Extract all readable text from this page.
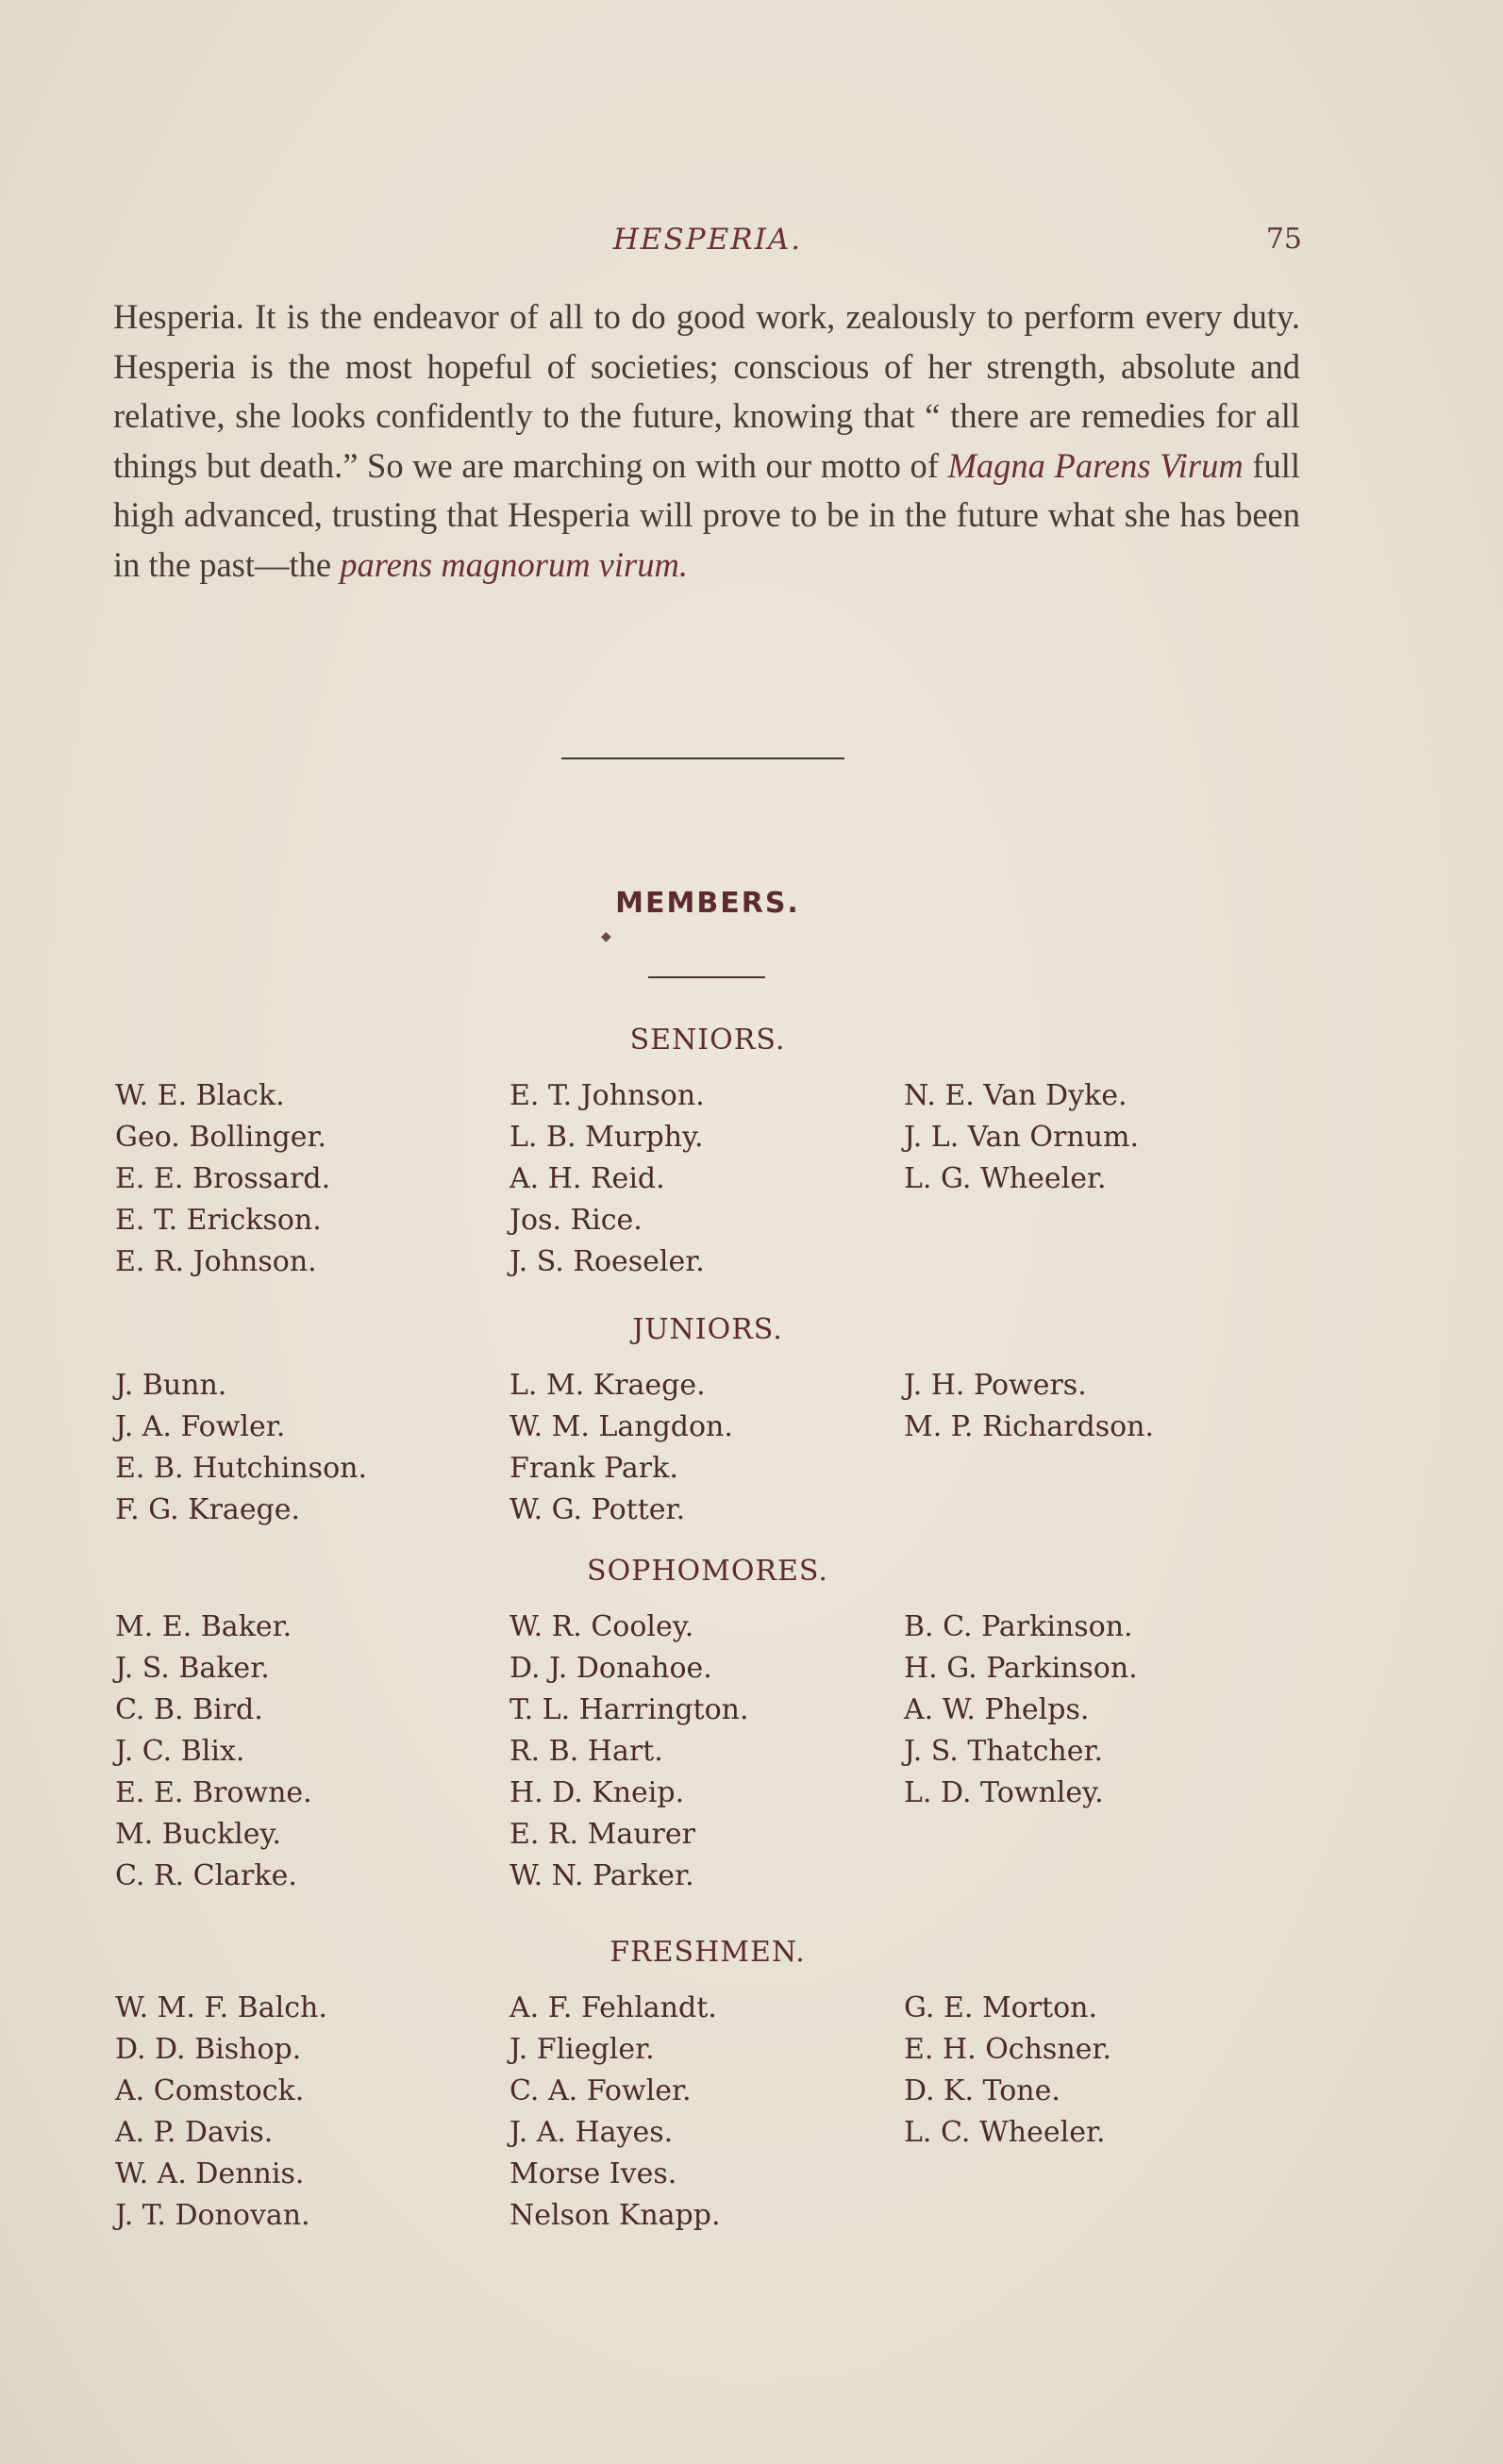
HESPERIA.	75
Hesperia. It is the endeavor of all to do good work, zealously to perform every duty. Hesperia is the most hopeful of societies; conscious of her strength, absolute and relative, she looks confidently to the future, knowing that “ there are remedies for all things but death.” So we are marching on with our motto of Magna Parens Virum full high advanced, trusting that Hesperia will prove to be in the future what she has been in the past—the parens magnorum virum.
MEMBERS.
◆
SENIORS.
W. E. Black.
Geo. Bollinger.
E. E. Brossard.
E. T. Erickson.
E. R. Johnson.
E. T. Johnson.
L. B. Murphy.
A. H. Reid.
Jos. Rice.
J. S. Roeseler.
N. E. Van Dyke.
J. L. Van Ornum.
L. G. Wheeler.
JUNIORS.
J. Bunn.
J. A. Fowler.
E. B. Hutchinson.
F. G. Kraege.
L. M. Kraege.
W. M. Langdon.
Frank Park.
W. G. Potter.
J. H. Powers.
M. P. Richardson.
SOPHOMORES.
M. E. Baker.
J. S. Baker.
C. B. Bird.
J. C. Blix.
E. E. Browne.
M. Buckley.
C. R. Clarke.
W. R. Cooley.
D. J. Donahoe.
T. L. Harrington.
R. B. Hart.
H. D. Kneip.
E. R. Maurer
W. N. Parker.
B. C. Parkinson.
H. G. Parkinson.
A. W. Phelps.
J. S. Thatcher.
L. D. Townley.
FRESHMEN.
W. M. F. Balch.
D. D. Bishop.
A. Comstock.
A. P. Davis.
W. A. Dennis.
J. T. Donovan.
A. F. Fehlandt.
J. Fliegler.
C. A. Fowler.
J. A. Hayes.
Morse Ives.
Nelson Knapp.
G. E. Morton.
E. H. Ochsner.
D. K. Tone.
L. C. Wheeler.
